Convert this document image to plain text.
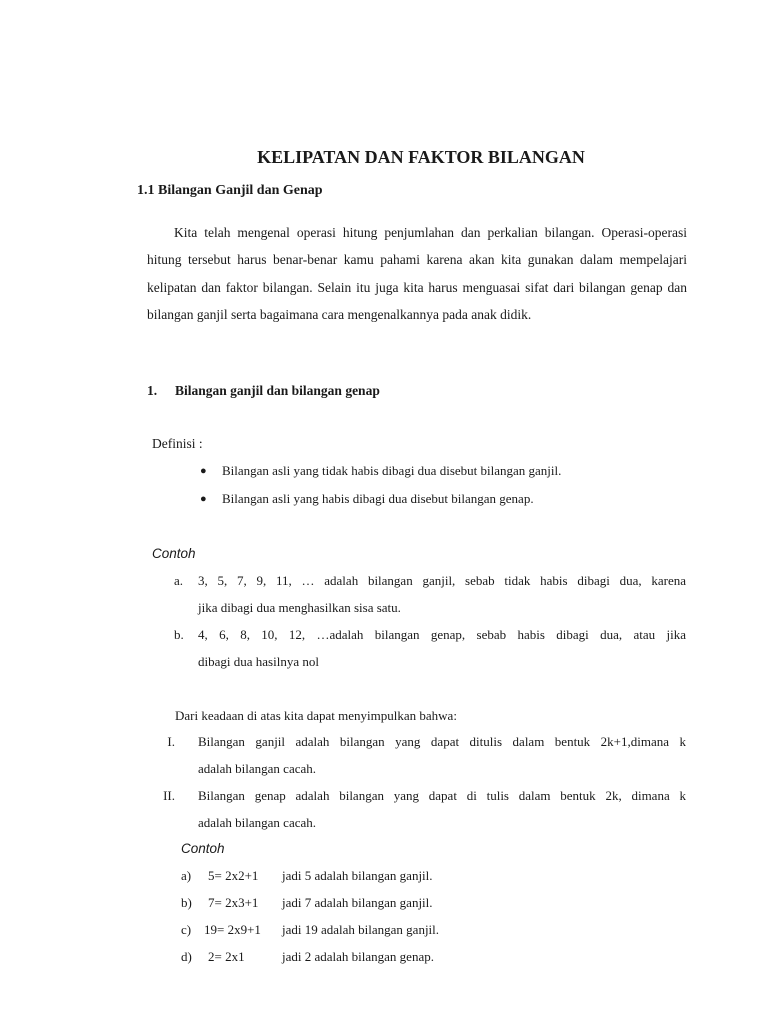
KELIPATAN DAN FAKTOR BILANGAN
1.1 Bilangan Ganjil dan Genap
Kita telah mengenal operasi hitung penjumlahan dan perkalian bilangan. Operasi-operasi hitung tersebut harus benar-benar kamu pahami karena akan kita gunakan dalam mempelajari kelipatan dan faktor bilangan. Selain itu juga kita harus menguasai sifat dari bilangan genap dan bilangan ganjil serta bagaimana cara mengenalkannya pada anak didik.
1. Bilangan ganjil dan bilangan genap
Definisi :
● Bilangan asli yang tidak habis dibagi dua disebut bilangan ganjil.
● Bilangan asli yang habis dibagi dua disebut bilangan genap.
Contoh
a. 3, 5, 7, 9, 11, … adalah bilangan ganjil, sebab tidak habis dibagi dua, karena
jika dibagi dua menghasilkan sisa satu.
b. 4, 6, 8, 10, 12, …adalah bilangan genap, sebab habis dibagi dua, atau jika
dibagi dua hasilnya nol
Dari keadaan di atas kita dapat menyimpulkan bahwa:
I. Bilangan ganjil adalah bilangan yang dapat ditulis dalam bentuk 2k+1,dimana k
adalah bilangan cacah.
II. Bilangan genap adalah bilangan yang dapat di tulis dalam bentuk 2k, dimana k
adalah bilangan cacah.
Contoh
a) 5= 2x2+1 jadi 5 adalah bilangan ganjil.
b) 7= 2x3+1 jadi 7 adalah bilangan ganjil.
c) 19= 2x9+1 jadi 19 adalah bilangan ganjil.
d) 2= 2x1	jadi 2 adalah bilangan genap.
